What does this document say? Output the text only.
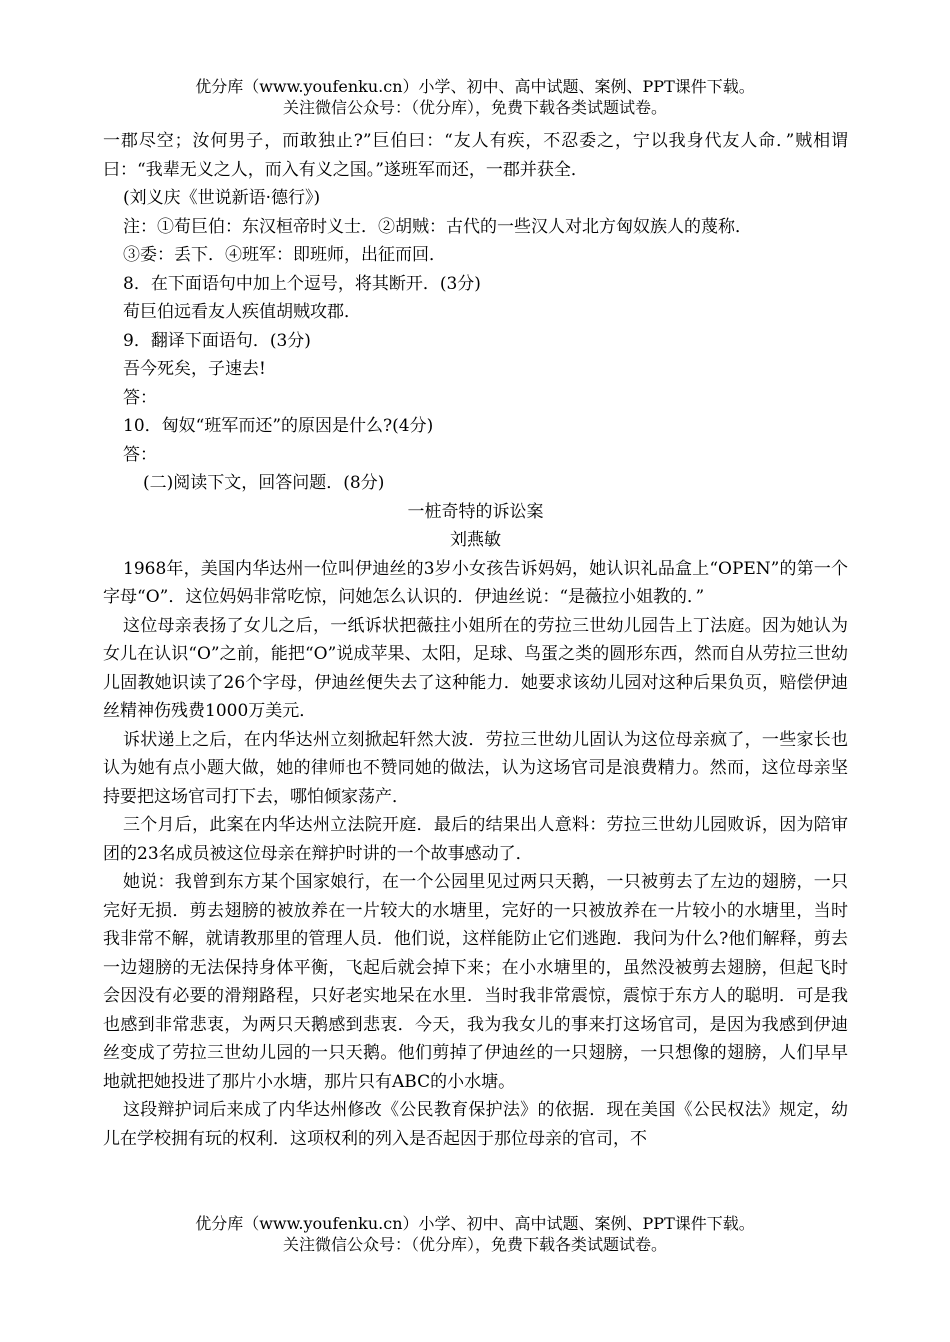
优分库（www.youfenku.cn）小学、初中、高中试题、案例、PPT课件下载。
关注微信公众号：（优分库），免费下载各类试题试卷。

一郡尽空；汝何男子，而敢独止?”巨伯曰：“友人有疾，不忍委之，宁以我身代友人命．”贼相谓曰：“我辈无义之人，而入有义之国。”遂班军而还，一郡并获全．

(刘义庆《世说新语·德行》)

注：①荀巨伯：东汉桓帝时义士．②胡贼：古代的一些汉人对北方匈奴族人的蔑称．

③委：丢下．④班军：即班师，出征而回．

8．在下面语句中加上个逗号，将其断开．(3分)

荀巨伯远看友人疾值胡贼攻郡．

9．翻译下面语句．(3分)

吾今死矣，子速去!

答：

10．匈奴“班军而还”的原因是什么?(4分)

答：

(二)阅读下文，回答问题．(8分)

一桩奇特的诉讼案

刘燕敏

1968年，美国内华达州一位叫伊迪丝的3岁小女孩告诉妈妈，她认识礼品盒上“OPEN”的第一个字母“O”．这位妈妈非常吃惊，问她怎么认识的．伊迪丝说：“是薇拉小姐教的．”

这位母亲表扬了女儿之后，一纸诉状把薇拄小姐所在的劳拉三世幼儿园告上丁法庭。因为她认为女儿在认识“O”之前，能把“O”说成苹果、太阳，足球、鸟蛋之类的圆形东西，然而自从劳拉三世幼儿固教她识读了26个字母，伊迪丝便失去了这种能力．她要求该幼儿园对这种后果负页，赔偿伊迪丝精神伤残费1000万美元．

诉状递上之后，在内华达州立刻掀起轩然大波．劳拉三世幼儿固认为这位母亲疯了，一些家长也认为她有点小题大做，她的律师也不赞同她的做法，认为这场官司是浪费精力。然而，这位母亲坚持要把这场官司打下去，哪怕倾家荡产．

三个月后，此案在内华达州立法院开庭．最后的结果出人意料：劳拉三世幼儿园败诉，因为陪审团的23名成员被这位母亲在辩护时讲的一个故事感动了．

她说：我曾到东方某个国家娘行，在一个公园里见过两只天鹅，一只被剪去了左边的翅膀，一只完好无损．剪去翅膀的被放养在一片较大的水塘里，完好的一只被放养在一片较小的水塘里，当时我非常不解，就请教那里的管理人员．他们说，这样能防止它们逃跑．我问为什么?他们解释，剪去一边翅膀的无法保持身体平衡，飞起后就会掉下来；在小水塘里的，虽然没被剪去翅膀，但起飞时会因没有必要的滑翔路程，只好老实地呆在水里．当时我非常震惊，震惊于东方人的聪明．可是我也感到非常悲衷，为两只天鹅感到悲衷．今天，我为我女儿的事来打这场官司，是因为我感到伊迪丝变成了劳拉三世幼儿园的一只天鹅。他们剪掉了伊迪丝的一只翅膀，一只想像的翅膀，人们早早地就把她投进了那片小水塘，那片只有ABC的小水塘。

这段辩护词后来成了内华达州修改《公民教育保护法》的依据．现在美国《公民权法》规定，幼儿在学校拥有玩的权利．这项权利的列入是否起因于那位母亲的官司，不

优分库（www.youfenku.cn）小学、初中、高中试题、案例、PPT课件下载。
关注微信公众号：（优分库），免费下载各类试题试卷。
